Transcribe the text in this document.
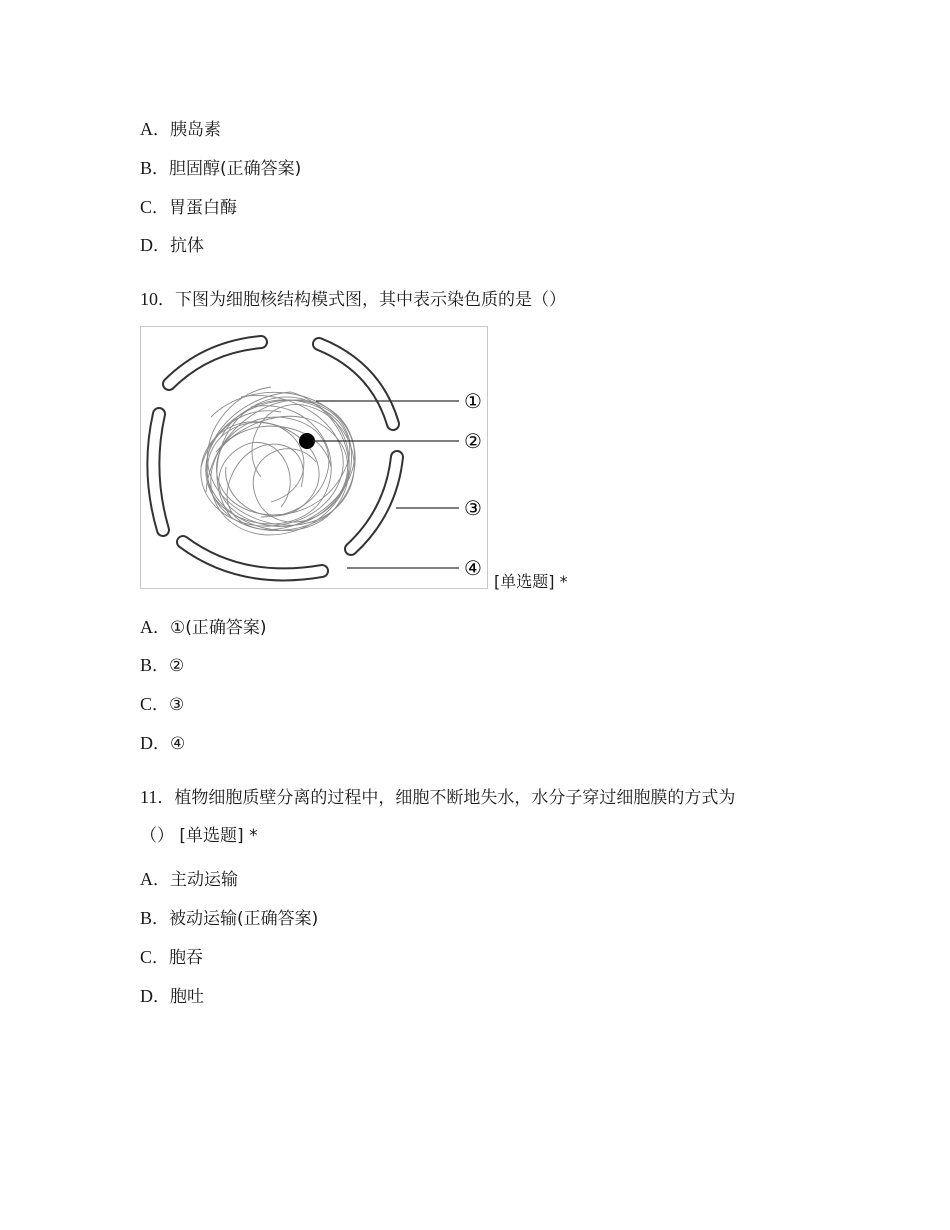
A．胰岛素
B．胆固醇(正确答案)
C．胃蛋白酶
D．抗体
10．下图为细胞核结构模式图，其中表示染色质的是（）
①
②
③
④
[单选题] *
A．①(正确答案)
B．②
C．③
D．④
11．植物细胞质壁分离的过程中，细胞不断地失水，水分子穿过细胞膜的方式为
（） [单选题] *
A．主动运输
B．被动运输(正确答案)
C．胞吞
D．胞吐
